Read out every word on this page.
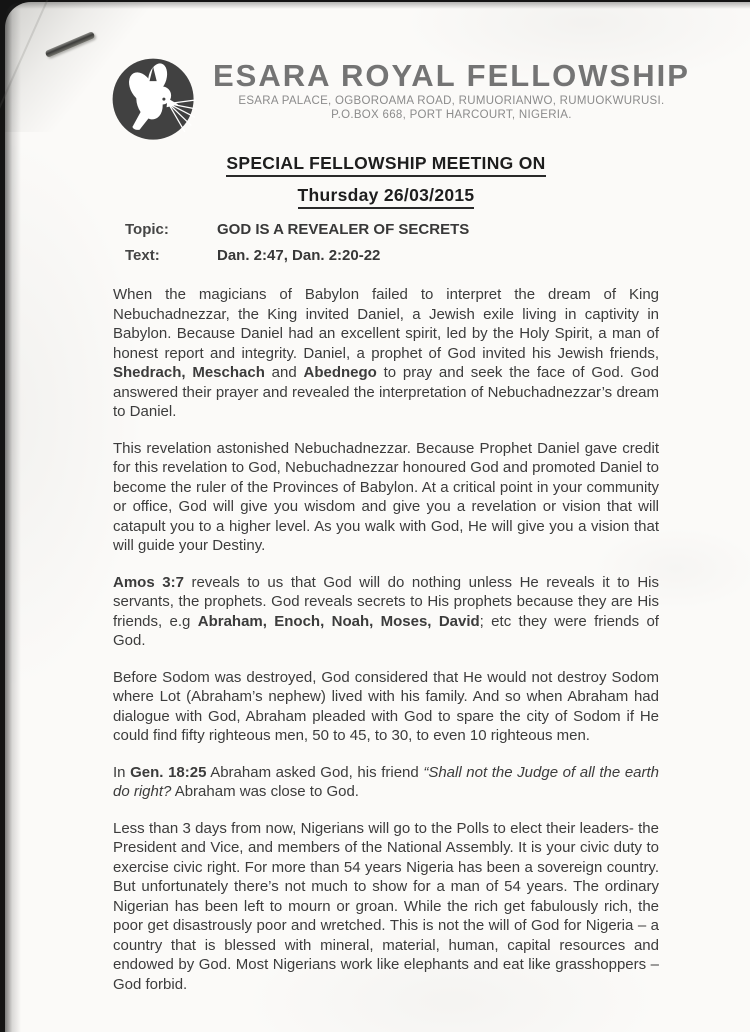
ESARA ROYAL FELLOWSHIP
ESARA PALACE, OGBOROAMA ROAD, RUMUORIANWO, RUMUOKWURUSI.
P.O.BOX 668, PORT HARCOURT, NIGERIA.
SPECIAL FELLOWSHIP MEETING ON
Thursday 26/03/2015
Topic:	GOD IS A REVEALER OF SECRETS
Text:	Dan. 2:47, Dan. 2:20-22

When the magicians of Babylon failed to interpret the dream of King Nebuchadnezzar, the King invited Daniel, a Jewish exile living in captivity in Babylon. Because Daniel had an excellent spirit, led by the Holy Spirit, a man of honest report and integrity. Daniel, a prophet of God invited his Jewish friends, Shedrach, Meschach and Abednego to pray and seek the face of God. God answered their prayer and revealed the interpretation of Nebuchadnezzar’s dream to Daniel.

This revelation astonished Nebuchadnezzar. Because Prophet Daniel gave credit for this revelation to God, Nebuchadnezzar honoured God and promoted Daniel to become the ruler of the Provinces of Babylon. At a critical point in your community or office, God will give you wisdom and give you a revelation or vision that will catapult you to a higher level. As you walk with God, He will give you a vision that will guide your Destiny.

Amos 3:7 reveals to us that God will do nothing unless He reveals it to His servants, the prophets. God reveals secrets to His prophets because they are His friends, e.g Abraham, Enoch, Noah, Moses, David; etc they were friends of God.

Before Sodom was destroyed, God considered that He would not destroy Sodom where Lot (Abraham’s nephew) lived with his family. And so when Abraham had dialogue with God, Abraham pleaded with God to spare the city of Sodom if He could find fifty righteous men, 50 to 45, to 30, to even 10 righteous men.

In Gen. 18:25 Abraham asked God, his friend “Shall not the Judge of all the earth do right? Abraham was close to God.

Less than 3 days from now, Nigerians will go to the Polls to elect their leaders- the President and Vice, and members of the National Assembly. It is your civic duty to exercise civic right. For more than 54 years Nigeria has been a sovereign country. But unfortunately there’s not much to show for a man of 54 years. The ordinary Nigerian has been left to mourn or groan. While the rich get fabulously rich, the poor get disastrously poor and wretched. This is not the will of God for Nigeria – a country that is blessed with mineral, material, human, capital resources and endowed by God. Most Nigerians work like elephants and eat like grasshoppers – God forbid.
